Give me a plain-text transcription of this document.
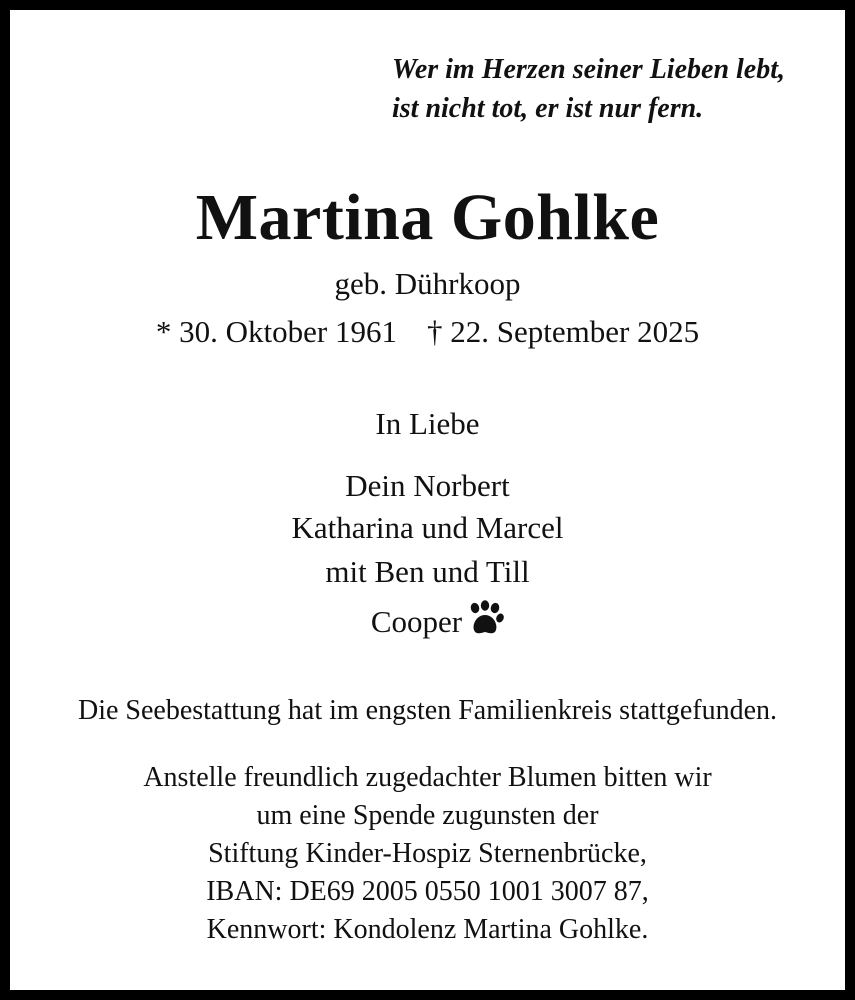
Wer im Herzen seiner Lieben lebt,
ist nicht tot, er ist nur fern.
Martina Gohlke
geb. Dührkoop
* 30. Oktober 1961 † 22. September 2025
In Liebe
Dein Norbert
Katharina und Marcel
mit Ben und Till
Cooper
Die Seebestattung hat im engsten Familienkreis stattgefunden.
Anstelle freundlich zugedachter Blumen bitten wir
um eine Spende zugunsten der
Stiftung Kinder-Hospiz Sternenbrücke,
IBAN: DE69 2005 0550 1001 3007 87,
Kennwort: Kondolenz Martina Gohlke.
